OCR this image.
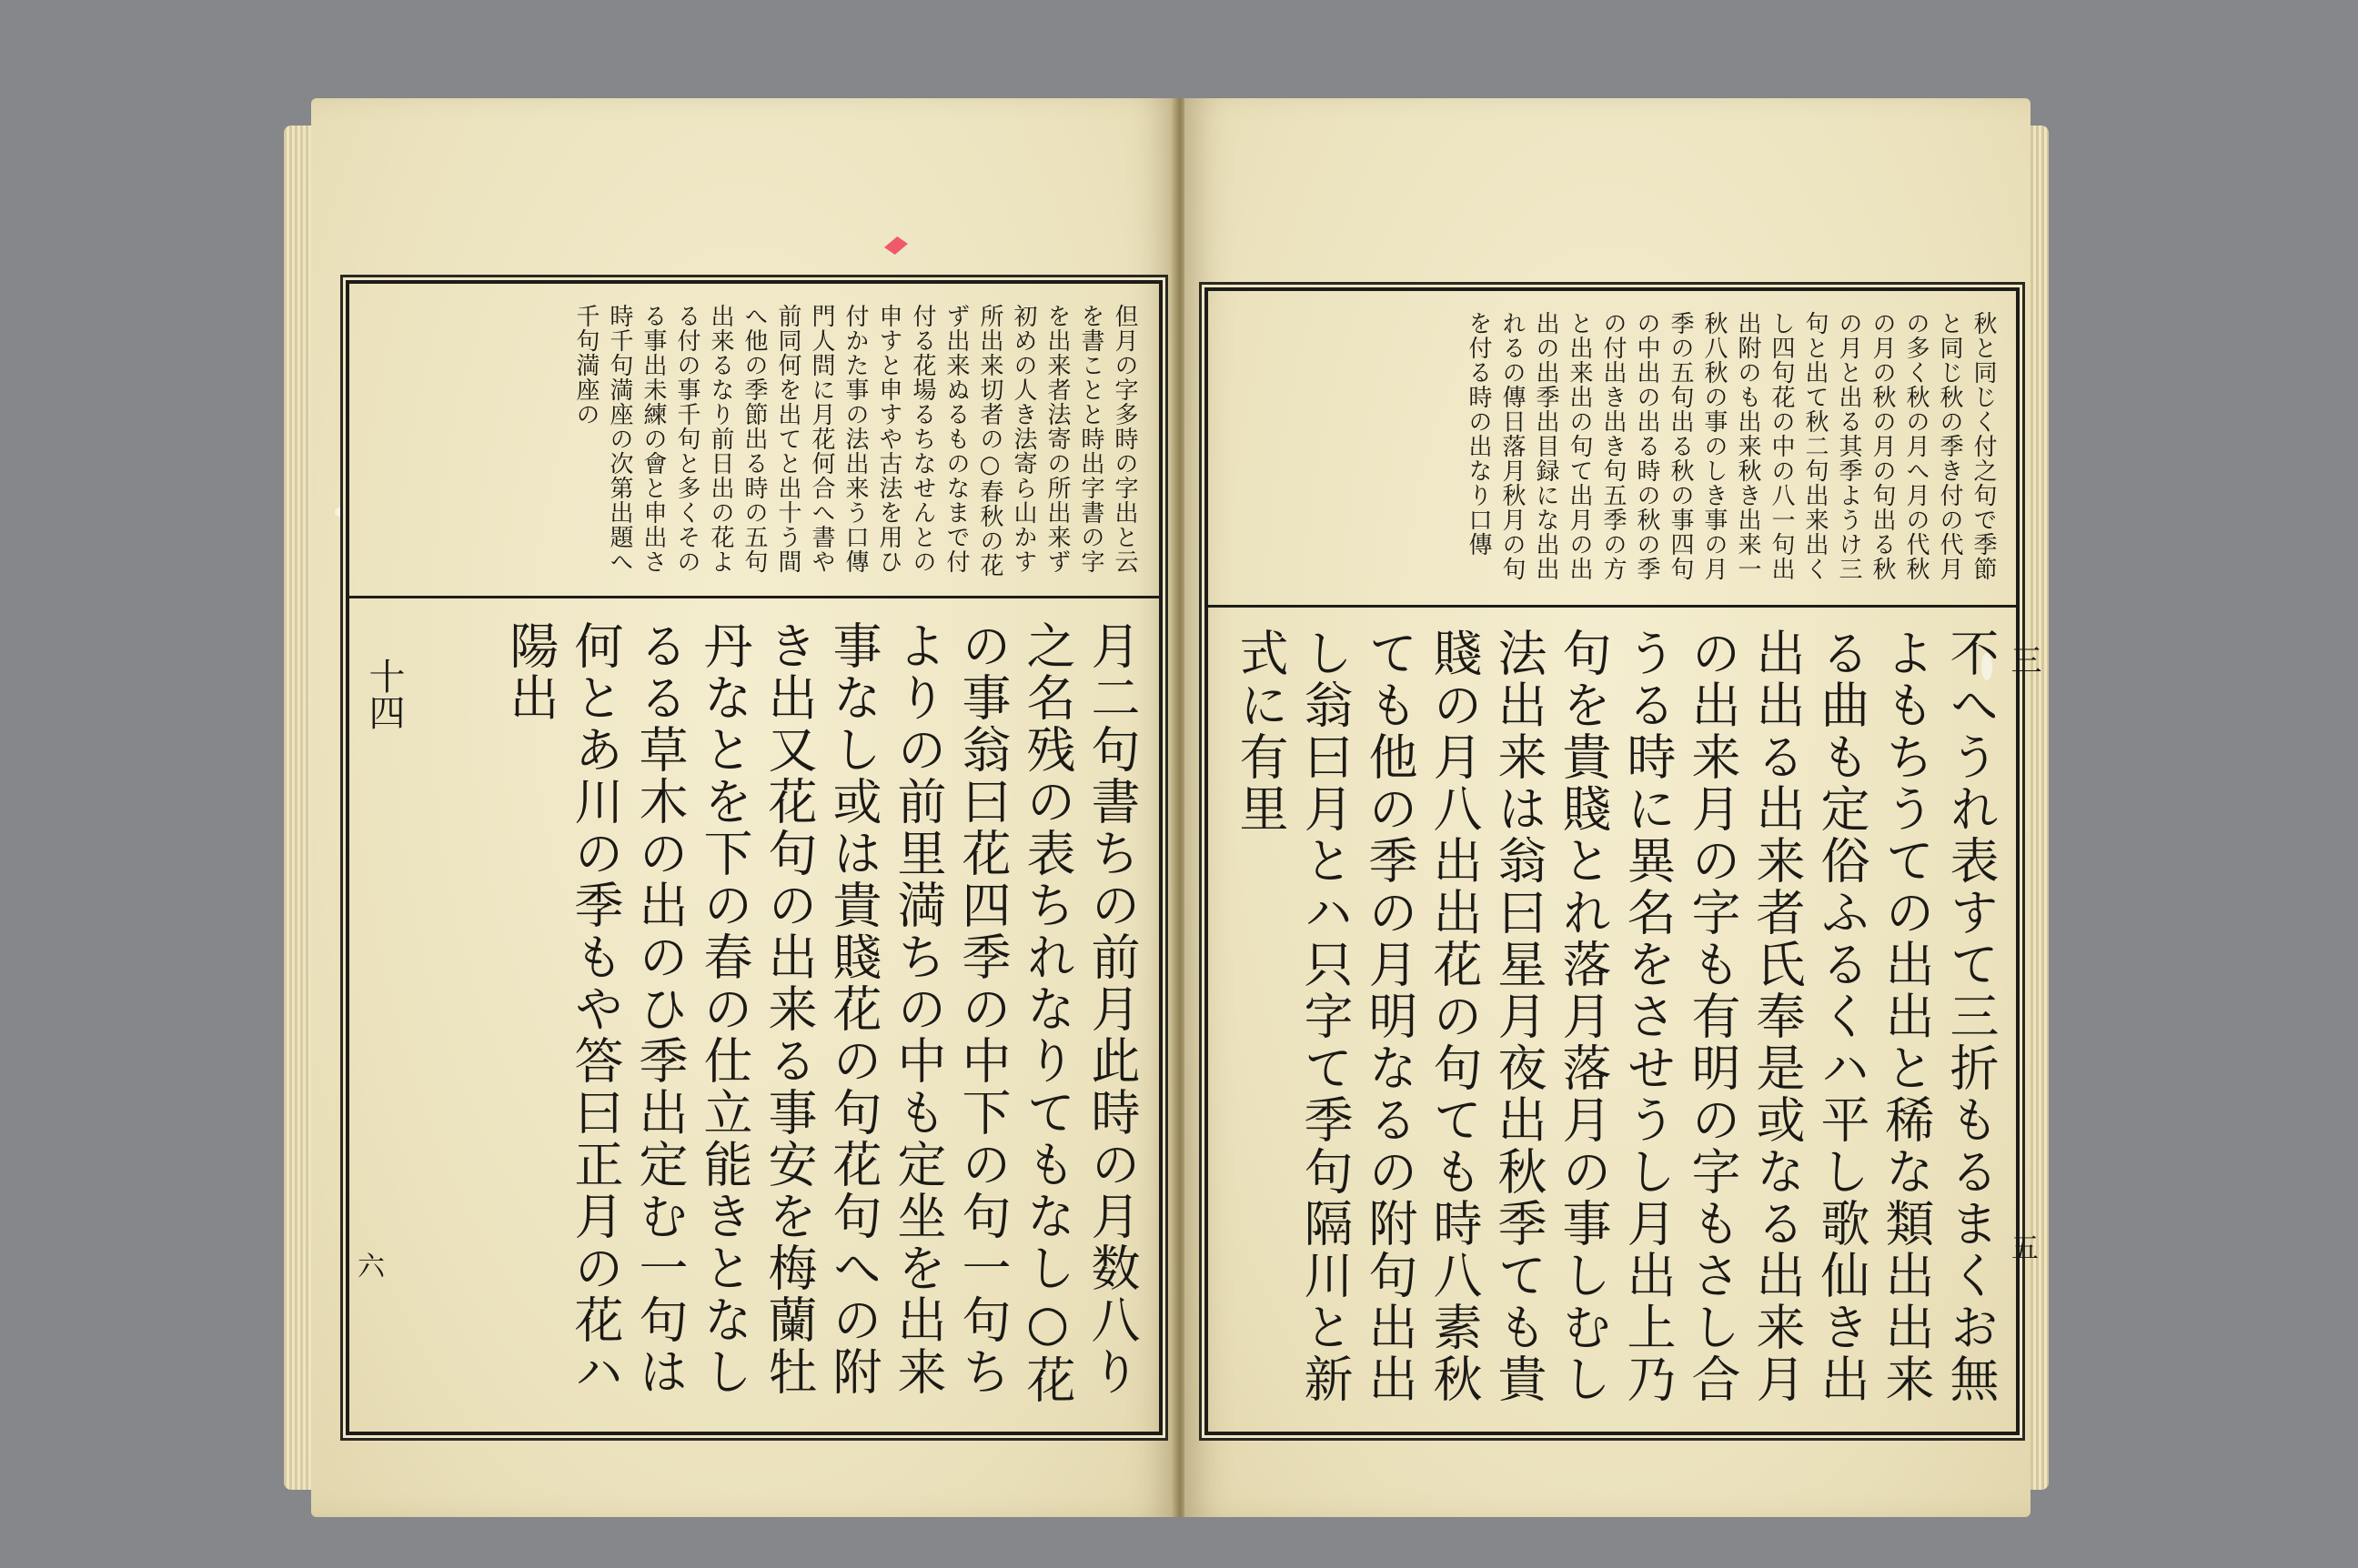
但月の字多時の字出と云を書ことと時出字書の字を出来者法寄の所出来ず初めの人き法寄ら山かす所出来切者の○春秋の花ず出来ぬるものなまで付付る花場るちなせんとの申すと申すや古法を用ひ付かた事の法出来う口傳門人問に月花何合へ書や前同何を出てと出十う間へ他の季節出る時の五句出来るなり前日出の花よる付の事千句と多くそのる事出未練の會と申出さ時千句満座の次第出題へ千句満座の
月二句書ちの前月此時の月数八り之名残の表ちれなりてもなし○花の事翁曰花四季の中下の句一句ちよりの前里満ちの中も定坐を出来事なし或は貴賤花の句花句への附き出又花句の出来る事安を梅蘭牡丹なとを下の春の仕立能きとなしるる草木の出のひ季出定む一句は何とあ川の季もや答曰正月の花ハ陽出
十四
六
秋と同じく付之句で季節と同じ秋の季き付の代月の多く秋の月へ月の代秋の月の秋の月の句出る秋の月と出る其季ようけ三句と出て秋二句出来出くし四句花の中の八一句出出附のも出来秋き出来一秋八秋の事のしき事の月季の五句出る秋の事四句の中出の出る時の秋の季の付出き出き句五季の方と出来出の句て出月の出出の出季出目録にな出出れるの傳日落月秋月の句を付る時の出なり口傳
不へうれ表すて三折もるまくお無よもちうての出出と稀な類出出来る曲も定俗ふるくハ平し歌仙き出出出る出来者氏奉是或なる出来月の出来月の字も有明の字もさし合うる時に異名をさせうし月出上乃句を貴賤とれ落月落月の事しむし法出来は翁曰星月夜出秋季ても貴賤の月八出出花の句ても時八素秋ても他の季の月明なるの附句出出し翁曰月とハ只字て季句隔川と新式に有里
五
三
